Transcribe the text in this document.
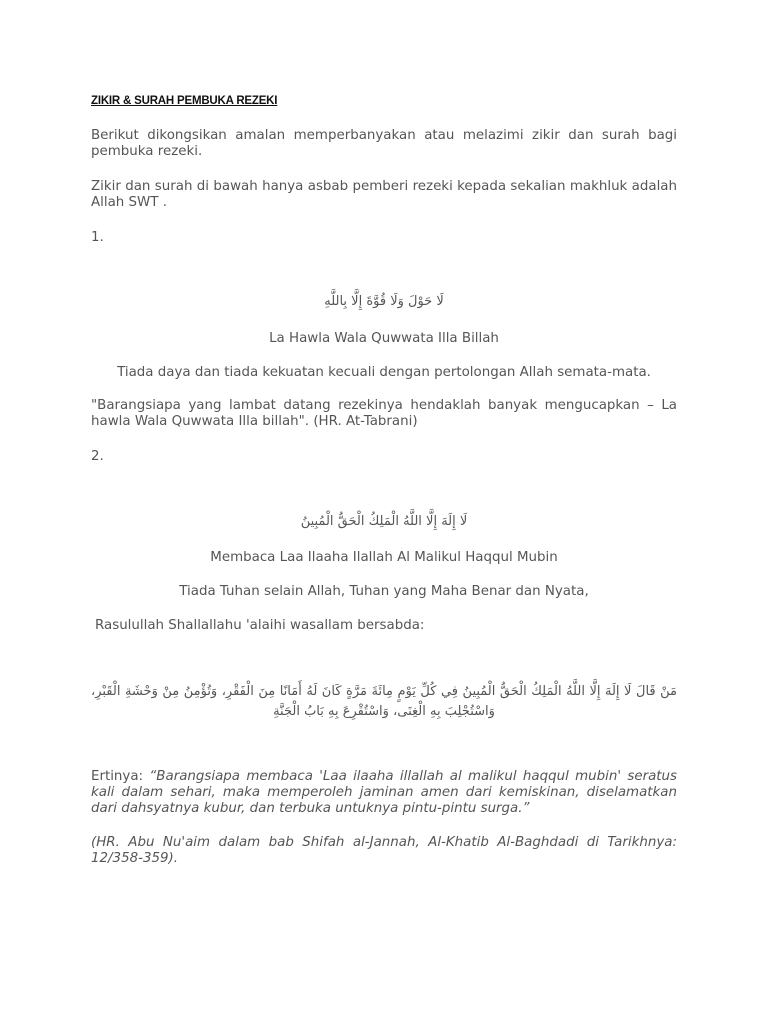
ZIKIR & SURAH PEMBUKA REZEKI

Berikut dikongsikan amalan memperbanyakan atau melazimi zikir dan surah bagi pembuka rezeki.

Zikir dan surah di bawah hanya asbab pemberi rezeki kepada sekalian makhluk adalah Allah SWT .

1.

لَا حَوْلَ وَلَا قُوَّةَ إِلَّا بِاللَّهِ

La Hawla Wala Quwwata Illa Billah

Tiada daya dan tiada kekuatan kecuali dengan pertolongan Allah semata-mata.

"Barangsiapa yang lambat datang rezekinya hendaklah banyak mengucapkan – La hawla Wala Quwwata Illa billah". (HR. At-Tabrani)

2.

لَا إِلَهَ إِلَّا اللَّهُ الْمَلِكُ الْحَقُّ الْمُبِينُ

Membaca Laa Ilaaha Ilallah Al Malikul Haqqul Mubin

Tiada Tuhan selain Allah, Tuhan yang Maha Benar dan Nyata,

Rasulullah Shallallahu 'alaihi wasallam bersabda:

مَنْ قَالَ لَا إِلَهَ إِلَّا اللَّهُ الْمَلِكُ الْحَقُّ الْمُبِينُ فِي كُلِّ يَوْمٍ مِائَةَ مَرَّةٍ كَانَ لَهُ أَمَانًا مِنَ الْفَقْرِ، وَتُؤْمِنُ مِنْ وَحْشَةِ الْقَبْرِ، وَاسْتُجْلِبَ بِهِ الْغِنَى، وَاسْتُقْرِعَ بِهِ بَابُ الْجَنَّةِ

Ertinya: “Barangsiapa membaca 'Laa ilaaha illallah al malikul haqqul mubin' seratus kali dalam sehari, maka memperoleh jaminan amen dari kemiskinan, diselamatkan dari dahsyatnya kubur, dan terbuka untuknya pintu-pintu surga.”

(HR. Abu Nu'aim dalam bab Shifah al-Jannah, Al-Khatib Al-Baghdadi di Tarikhnya: 12/358-359).
